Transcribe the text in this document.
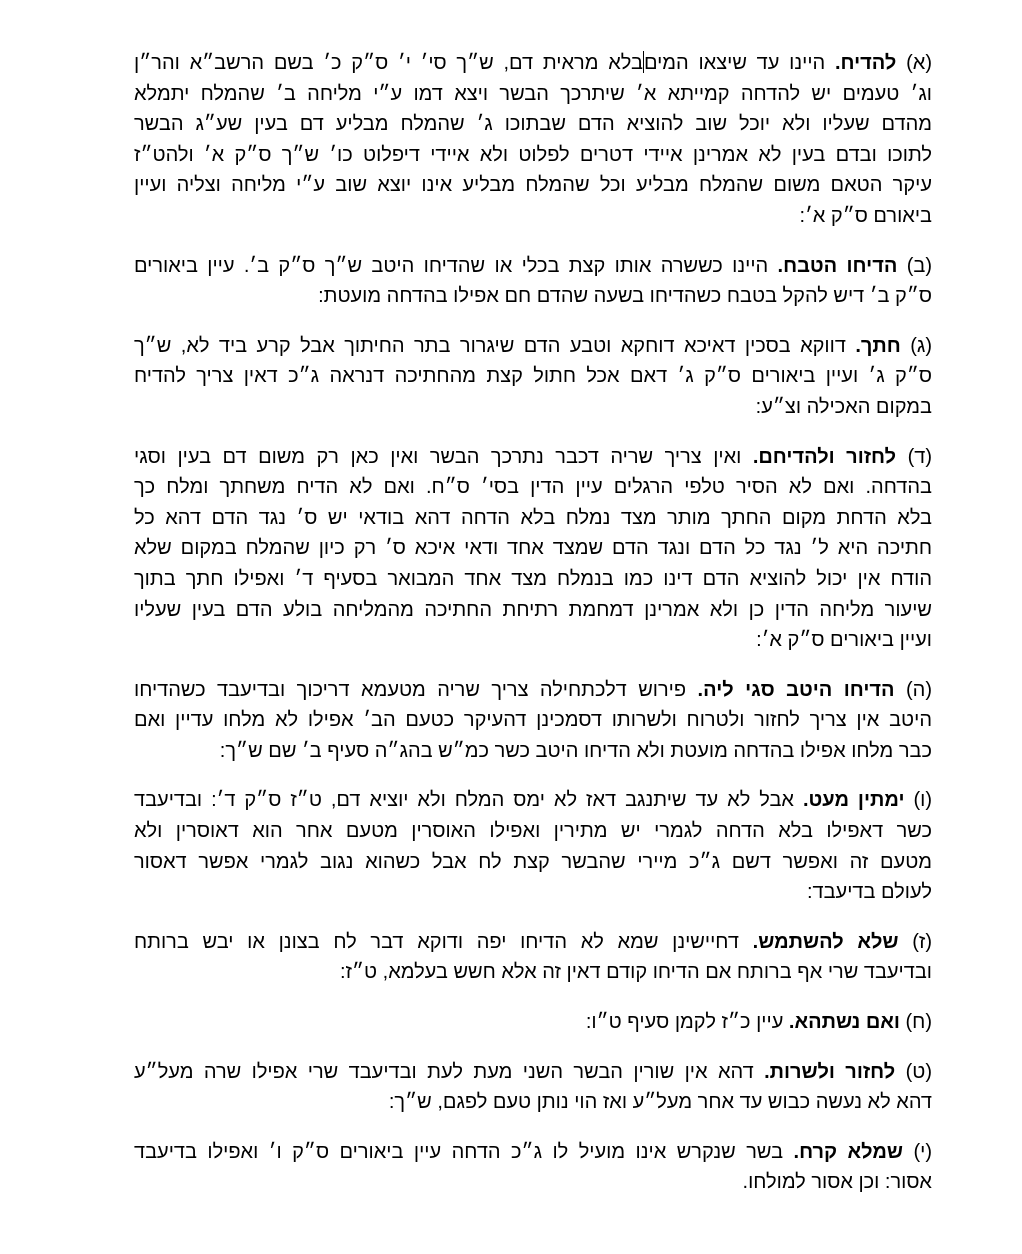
(א) להדיח. היינו עד שיצאו המיםבלא מראית דם, ש״ך סי׳ י׳ ס״ק כ׳ בשם הרשב״א והר״ן
וג׳ טעמים יש להדחה קמייתא א׳ שיתרכך הבשר ויצא דמו ע״י מליחה ב׳ שהמלח יתמלא
מהדם שעליו ולא יוכל שוב להוציא הדם שבתוכו ג׳ שהמלח מבליע דם בעין שע״ג הבשר
לתוכו ובדם בעין לא אמרינן איידי דטרים לפלוט ולא איידי דיפלוט כו׳ ש״ך ס״ק א׳ ולהט״ז
עיקר הטאם משום שהמלח מבליע וכל שהמלח מבליע אינו יוצא שוב ע״י מליחה וצליה ועיין
ביאורם ס״ק א׳:
(ב) הדיחו הטבח. היינו כששרה אותו קצת בכלי או שהדיחו היטב ש״ך ס״ק ב׳. עיין ביאורים
ס״ק ב׳ דיש להקל בטבח כשהדיחו בשעה שהדם חם אפילו בהדחה מועטת:
(ג) חתך. דווקא בסכין דאיכא דוחקא וטבע הדם שיגרור בתר החיתוך אבל קרע ביד לא, ש״ך
ס״ק ג׳ ועיין ביאורים ס״ק ג׳ דאם אכל חתול קצת מהחתיכה דנראה ג״כ דאין צריך להדיח
במקום האכילה וצ״ע:
(ד) לחזור ולהדיחם. ואין צריך שריה דכבר נתרכך הבשר ואין כאן רק משום דם בעין וסגי
בהדחה. ואם לא הסיר טלפי הרגלים עיין הדין בסי׳ ס״ח. ואם לא הדיח משחתך ומלח כך
בלא הדחת מקום החתך מותר מצד נמלח בלא הדחה דהא בודאי יש ס׳ נגד הדם דהא כל
חתיכה היא ל׳ נגד כל הדם ונגד הדם שמצד אחד ודאי איכא ס׳ רק כיון שהמלח במקום שלא
הודח אין יכול להוציא הדם דינו כמו בנמלח מצד אחד המבואר בסעיף ד׳ ואפילו חתך בתוך
שיעור מליחה הדין כן ולא אמרינן דמחמת רתיחת החתיכה מהמליחה בולע הדם בעין שעליו
ועיין ביאורים ס״ק א׳:
(ה) הדיחו היטב סגי ליה. פירוש דלכתחילה צריך שריה מטעמא דריכוך ובדיעבד כשהדיחו
היטב אין צריך לחזור ולטרוח ולשרותו דסמכינן דהעיקר כטעם הב׳ אפילו לא מלחו עדיין ואם
כבר מלחו אפילו בהדחה מועטת ולא הדיחו היטב כשר כמ״ש בהג״ה סעיף ב׳ שם ש״ך:
(ו) ימתין מעט. אבל לא עד שיתנגב דאז לא ימס המלח ולא יוציא דם, ט״ז ס״ק ד׳: ובדיעבד
כשר דאפילו בלא הדחה לגמרי יש מתירין ואפילו האוסרין מטעם אחר הוא דאוסרין ולא
מטעם זה ואפשר דשם ג״כ מיירי שהבשר קצת לח אבל כשהוא נגוב לגמרי אפשר דאסור
לעולם בדיעבד:
(ז) שלא להשתמש. דחיישינן שמא לא הדיחו יפה ודוקא דבר לח בצונן או יבש ברותח
ובדיעבד שרי אף ברותח אם הדיחו קודם דאין זה אלא חשש בעלמא, ט״ז:
(ח) ואם נשתהא. עיין כ״ז לקמן סעיף ט״ו:
(ט) לחזור ולשרות. דהא אין שורין הבשר השני מעת לעת ובדיעבד שרי אפילו שרה מעל״ע
דהא לא נעשה כבוש עד אחר מעל״ע ואז הוי נותן טעם לפגם, ש״ך:
(י) שמלא קרח. בשר שנקרש אינו מועיל לו ג״כ הדחה עיין ביאורים ס״ק ו׳ ואפילו בדיעבד
אסור: וכן אסור למולחו.
